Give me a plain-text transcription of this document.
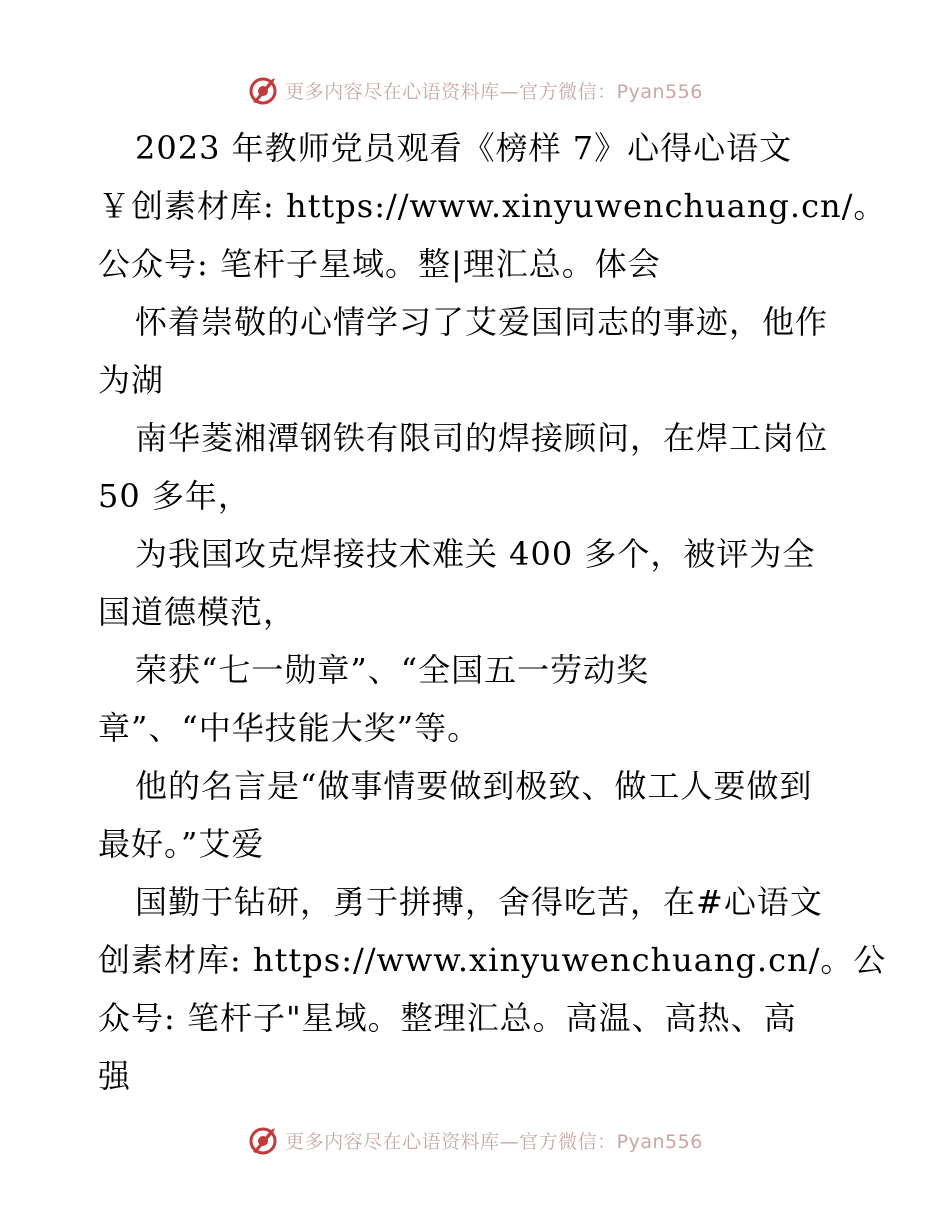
更多内容尽在心语资料库—官方微信：Pyan556
2023 年教师党员观看《榜样 7》心得心语文
￥创素材库: https://www.xinyuwenchuang.cn/。
公众号: 笔杆子星域。整|理汇总。体会
怀着崇敬的心情学习了艾爱国同志的事迹，他作
为湖
南华菱湘潭钢铁有限司的焊接顾问，在焊工岗位
50 多年，
为我国攻克焊接技术难关 400 多个，被评为全
国道德模范，
荣获“七一勋章”、“全国五一劳动奖
章”、“中华技能大奖”等。
他的名言是“做事情要做到极致、做工人要做到
最好。”艾爱
国勤于钻研，勇于拼搏，舍得吃苦，在#心语文
创素材库: https://www.xinyuwenchuang.cn/。公
众号: 笔杆子"星域。整理汇总。高温、高热、高
强
更多内容尽在心语资料库—官方微信：Pyan556
